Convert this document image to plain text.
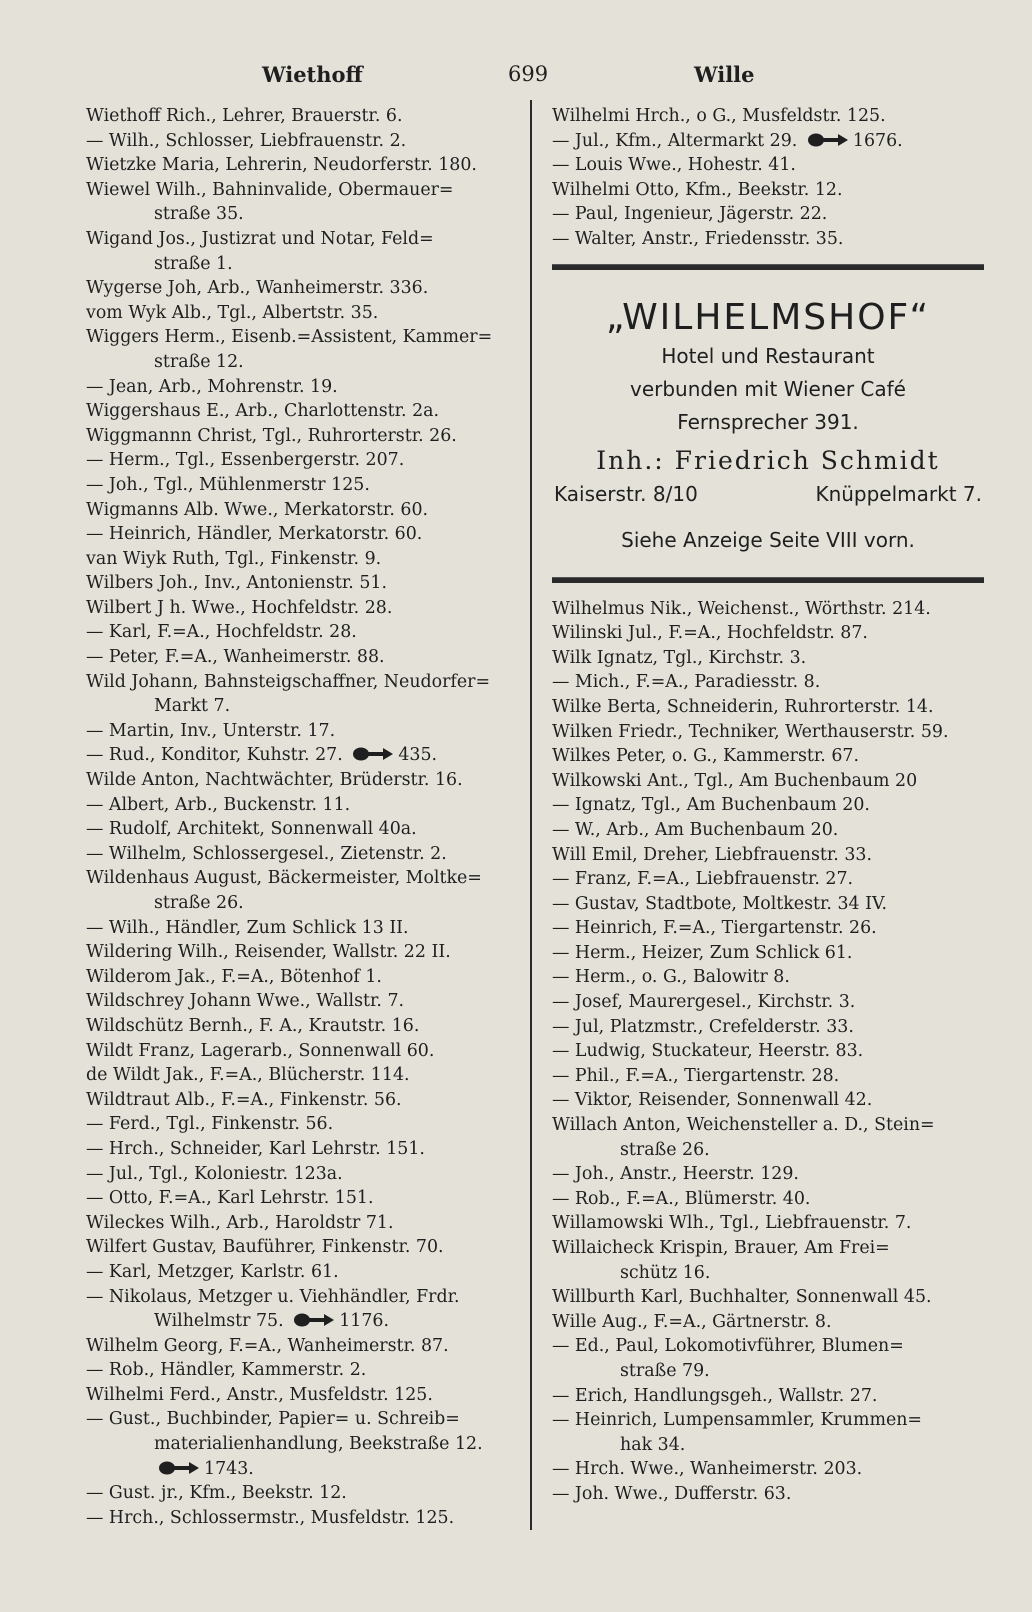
Wiethoff	699	Wille
Wiethoff Rich., Lehrer, Brauerstr. 6.
— Wilh., Schlosser, Liebfrauenstr. 2.
Wietzke Maria, Lehrerin, Neudorferstr. 180.
Wiewel Wilh., Bahninvalide, Obermauer=
straße 35.
Wigand Jos., Justizrat und Notar, Feld=
straße 1.
Wygerse Joh, Arb., Wanheimerstr. 336.
vom Wyk Alb., Tgl., Albertstr. 35.
Wiggers Herm., Eisenb.=Assistent, Kammer=
straße 12.
— Jean, Arb., Mohrenstr. 19.
Wiggershaus E., Arb., Charlottenstr. 2a.
Wiggmannn Christ, Tgl., Ruhrorterstr. 26.
— Herm., Tgl., Essenbergerstr. 207.
— Joh., Tgl., Mühlenmerstr 125.
Wigmanns Alb. Wwe., Merkatorstr. 60.
— Heinrich, Händler, Merkatorstr. 60.
van Wiyk Ruth, Tgl., Finkenstr. 9.
Wilbers Joh., Inv., Antonienstr. 51.
Wilbert J h. Wwe., Hochfeldstr. 28.
— Karl, F.=A., Hochfeldstr. 28.
— Peter, F.=A., Wanheimerstr. 88.
Wild Johann, Bahnsteigschaffner, Neudorfer=
Markt 7.
— Martin, Inv., Unterstr. 17.
— Rud., Konditor, Kuhstr. 27.	435.
Wilde Anton, Nachtwächter, Brüderstr. 16.
— Albert, Arb., Buckenstr. 11.
— Rudolf, Architekt, Sonnenwall 40a.
— Wilhelm, Schlossergesel., Zietenstr. 2.
Wildenhaus August, Bäckermeister, Moltke=
straße 26.
— Wilh., Händler, Zum Schlick 13 II.
Wildering Wilh., Reisender, Wallstr. 22 II.
Wilderom Jak., F.=A., Bötenhof 1.
Wildschrey Johann Wwe., Wallstr. 7.
Wildschütz Bernh., F. A., Krautstr. 16.
Wildt Franz, Lagerarb., Sonnenwall 60.
de Wildt Jak., F.=A., Blücherstr. 114.
Wildtraut Alb., F.=A., Finkenstr. 56.
— Ferd., Tgl., Finkenstr. 56.
— Hrch., Schneider, Karl Lehrstr. 151.
— Jul., Tgl., Koloniestr. 123a.
— Otto, F.=A., Karl Lehrstr. 151.
Wileckes Wilh., Arb., Haroldstr 71.
Wilfert Gustav, Bauführer, Finkenstr. 70.
— Karl, Metzger, Karlstr. 61.
— Nikolaus, Metzger u. Viehhändler, Frdr.
Wilhelmstr 75.	1176.
Wilhelm Georg, F.=A., Wanheimerstr. 87.
— Rob., Händler, Kammerstr. 2.
Wilhelmi Ferd., Anstr., Musfeldstr. 125.
— Gust., Buchbinder, Papier= u. Schreib=
materialienhandlung, Beekstraße 12.
1743.
— Gust. jr., Kfm., Beekstr. 12.
— Hrch., Schlossermstr., Musfeldstr. 125.
Wilhelmi Hrch., o G., Musfeldstr. 125.
— Jul., Kfm., Altermarkt 29.	1676.
— Louis Wwe., Hohestr. 41.
Wilhelmi Otto, Kfm., Beekstr. 12.
— Paul, Ingenieur, Jägerstr. 22.
— Walter, Anstr., Friedensstr. 35.
„WILHELMSHOF“
Hotel und Restaurant
verbunden mit Wiener Café
Fernsprecher 391.
Inh.: Friedrich Schmidt
Kaiserstr. 8/10	Knüppelmarkt 7.
Siehe Anzeige Seite VIII vorn.
Wilhelmus Nik., Weichenst., Wörthstr. 214.
Wilinski Jul., F.=A., Hochfeldstr. 87.
Wilk Ignatz, Tgl., Kirchstr. 3.
— Mich., F.=A., Paradiesstr. 8.
Wilke Berta, Schneiderin, Ruhrorterstr. 14.
Wilken Friedr., Techniker, Werthauserstr. 59.
Wilkes Peter, o. G., Kammerstr. 67.
Wilkowski Ant., Tgl., Am Buchenbaum 20
— Ignatz, Tgl., Am Buchenbaum 20.
— W., Arb., Am Buchenbaum 20.
Will Emil, Dreher, Liebfrauenstr. 33.
— Franz, F.=A., Liebfrauenstr. 27.
— Gustav, Stadtbote, Moltkestr. 34 IV.
— Heinrich, F.=A., Tiergartenstr. 26.
— Herm., Heizer, Zum Schlick 61.
— Herm., o. G., Balowitr 8.
— Josef, Maurergesel., Kirchstr. 3.
— Jul, Platzmstr., Crefelderstr. 33.
— Ludwig, Stuckateur, Heerstr. 83.
— Phil., F.=A., Tiergartenstr. 28.
— Viktor, Reisender, Sonnenwall 42.
Willach Anton, Weichensteller a. D., Stein=
straße 26.
— Joh., Anstr., Heerstr. 129.
— Rob., F.=A., Blümerstr. 40.
Willamowski Wlh., Tgl., Liebfrauenstr. 7.
Willaicheck Krispin, Brauer, Am Frei=
schütz 16.
Willburth Karl, Buchhalter, Sonnenwall 45.
Wille Aug., F.=A., Gärtnerstr. 8.
— Ed., Paul, Lokomotivführer, Blumen=
straße 79.
— Erich, Handlungsgeh., Wallstr. 27.
— Heinrich, Lumpensammler, Krummen=
hak 34.
— Hrch. Wwe., Wanheimerstr. 203.
— Joh. Wwe., Dufferstr. 63.
